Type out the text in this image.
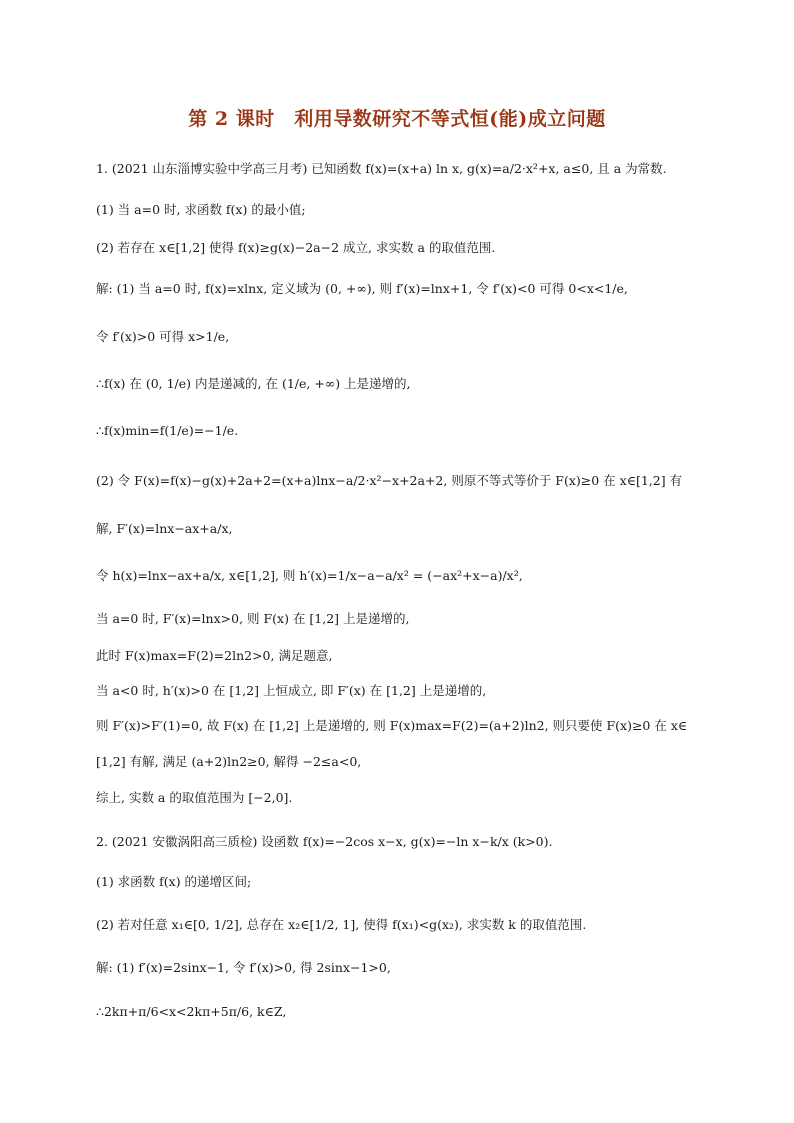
第 2 课时　利用导数研究不等式恒(能)成立问题
1. (2021 山东淄博实验中学高三月考) 已知函数 f(x)=(x+a) ln x, g(x)=a/2·x²+x, a≤0, 且 a 为常数.
(1) 当 a=0 时, 求函数 f(x) 的最小值;
(2) 若存在 x∈[1,2] 使得 f(x)≥g(x)−2a−2 成立, 求实数 a 的取值范围.
解: (1) 当 a=0 时, f(x)=xlnx, 定义域为 (0, +∞), 则 f′(x)=lnx+1, 令 f′(x)<0 可得 0<x<1/e,
令 f′(x)>0 可得 x>1/e,
∴f(x) 在 (0, 1/e) 内是递减的, 在 (1/e, +∞) 上是递增的,
∴f(x)min=f(1/e)=−1/e.
(2) 令 F(x)=f(x)−g(x)+2a+2=(x+a)lnx−a/2·x²−x+2a+2, 则原不等式等价于 F(x)≥0 在 x∈[1,2] 有
解, F′(x)=lnx−ax+a/x,
令 h(x)=lnx−ax+a/x, x∈[1,2], 则 h′(x)=1/x−a−a/x² = (−ax²+x−a)/x²,
当 a=0 时, F′(x)=lnx>0, 则 F(x) 在 [1,2] 上是递增的,
此时 F(x)max=F(2)=2ln2>0, 满足题意,
当 a<0 时, h′(x)>0 在 [1,2] 上恒成立, 即 F′(x) 在 [1,2] 上是递增的,
则 F′(x)>F′(1)=0, 故 F(x) 在 [1,2] 上是递增的, 则 F(x)max=F(2)=(a+2)ln2, 则只要使 F(x)≥0 在 x∈
[1,2] 有解, 满足 (a+2)ln2≥0, 解得 −2≤a<0,
综上, 实数 a 的取值范围为 [−2,0].
2. (2021 安徽涡阳高三质检) 设函数 f(x)=−2cos x−x, g(x)=−ln x−k/x (k>0).
(1) 求函数 f(x) 的递增区间;
(2) 若对任意 x₁∈[0, 1/2], 总存在 x₂∈[1/2, 1], 使得 f(x₁)<g(x₂), 求实数 k 的取值范围.
解: (1) f′(x)=2sinx−1, 令 f′(x)>0, 得 2sinx−1>0,
∴2kπ+π/6<x<2kπ+5π/6, k∈Z,
